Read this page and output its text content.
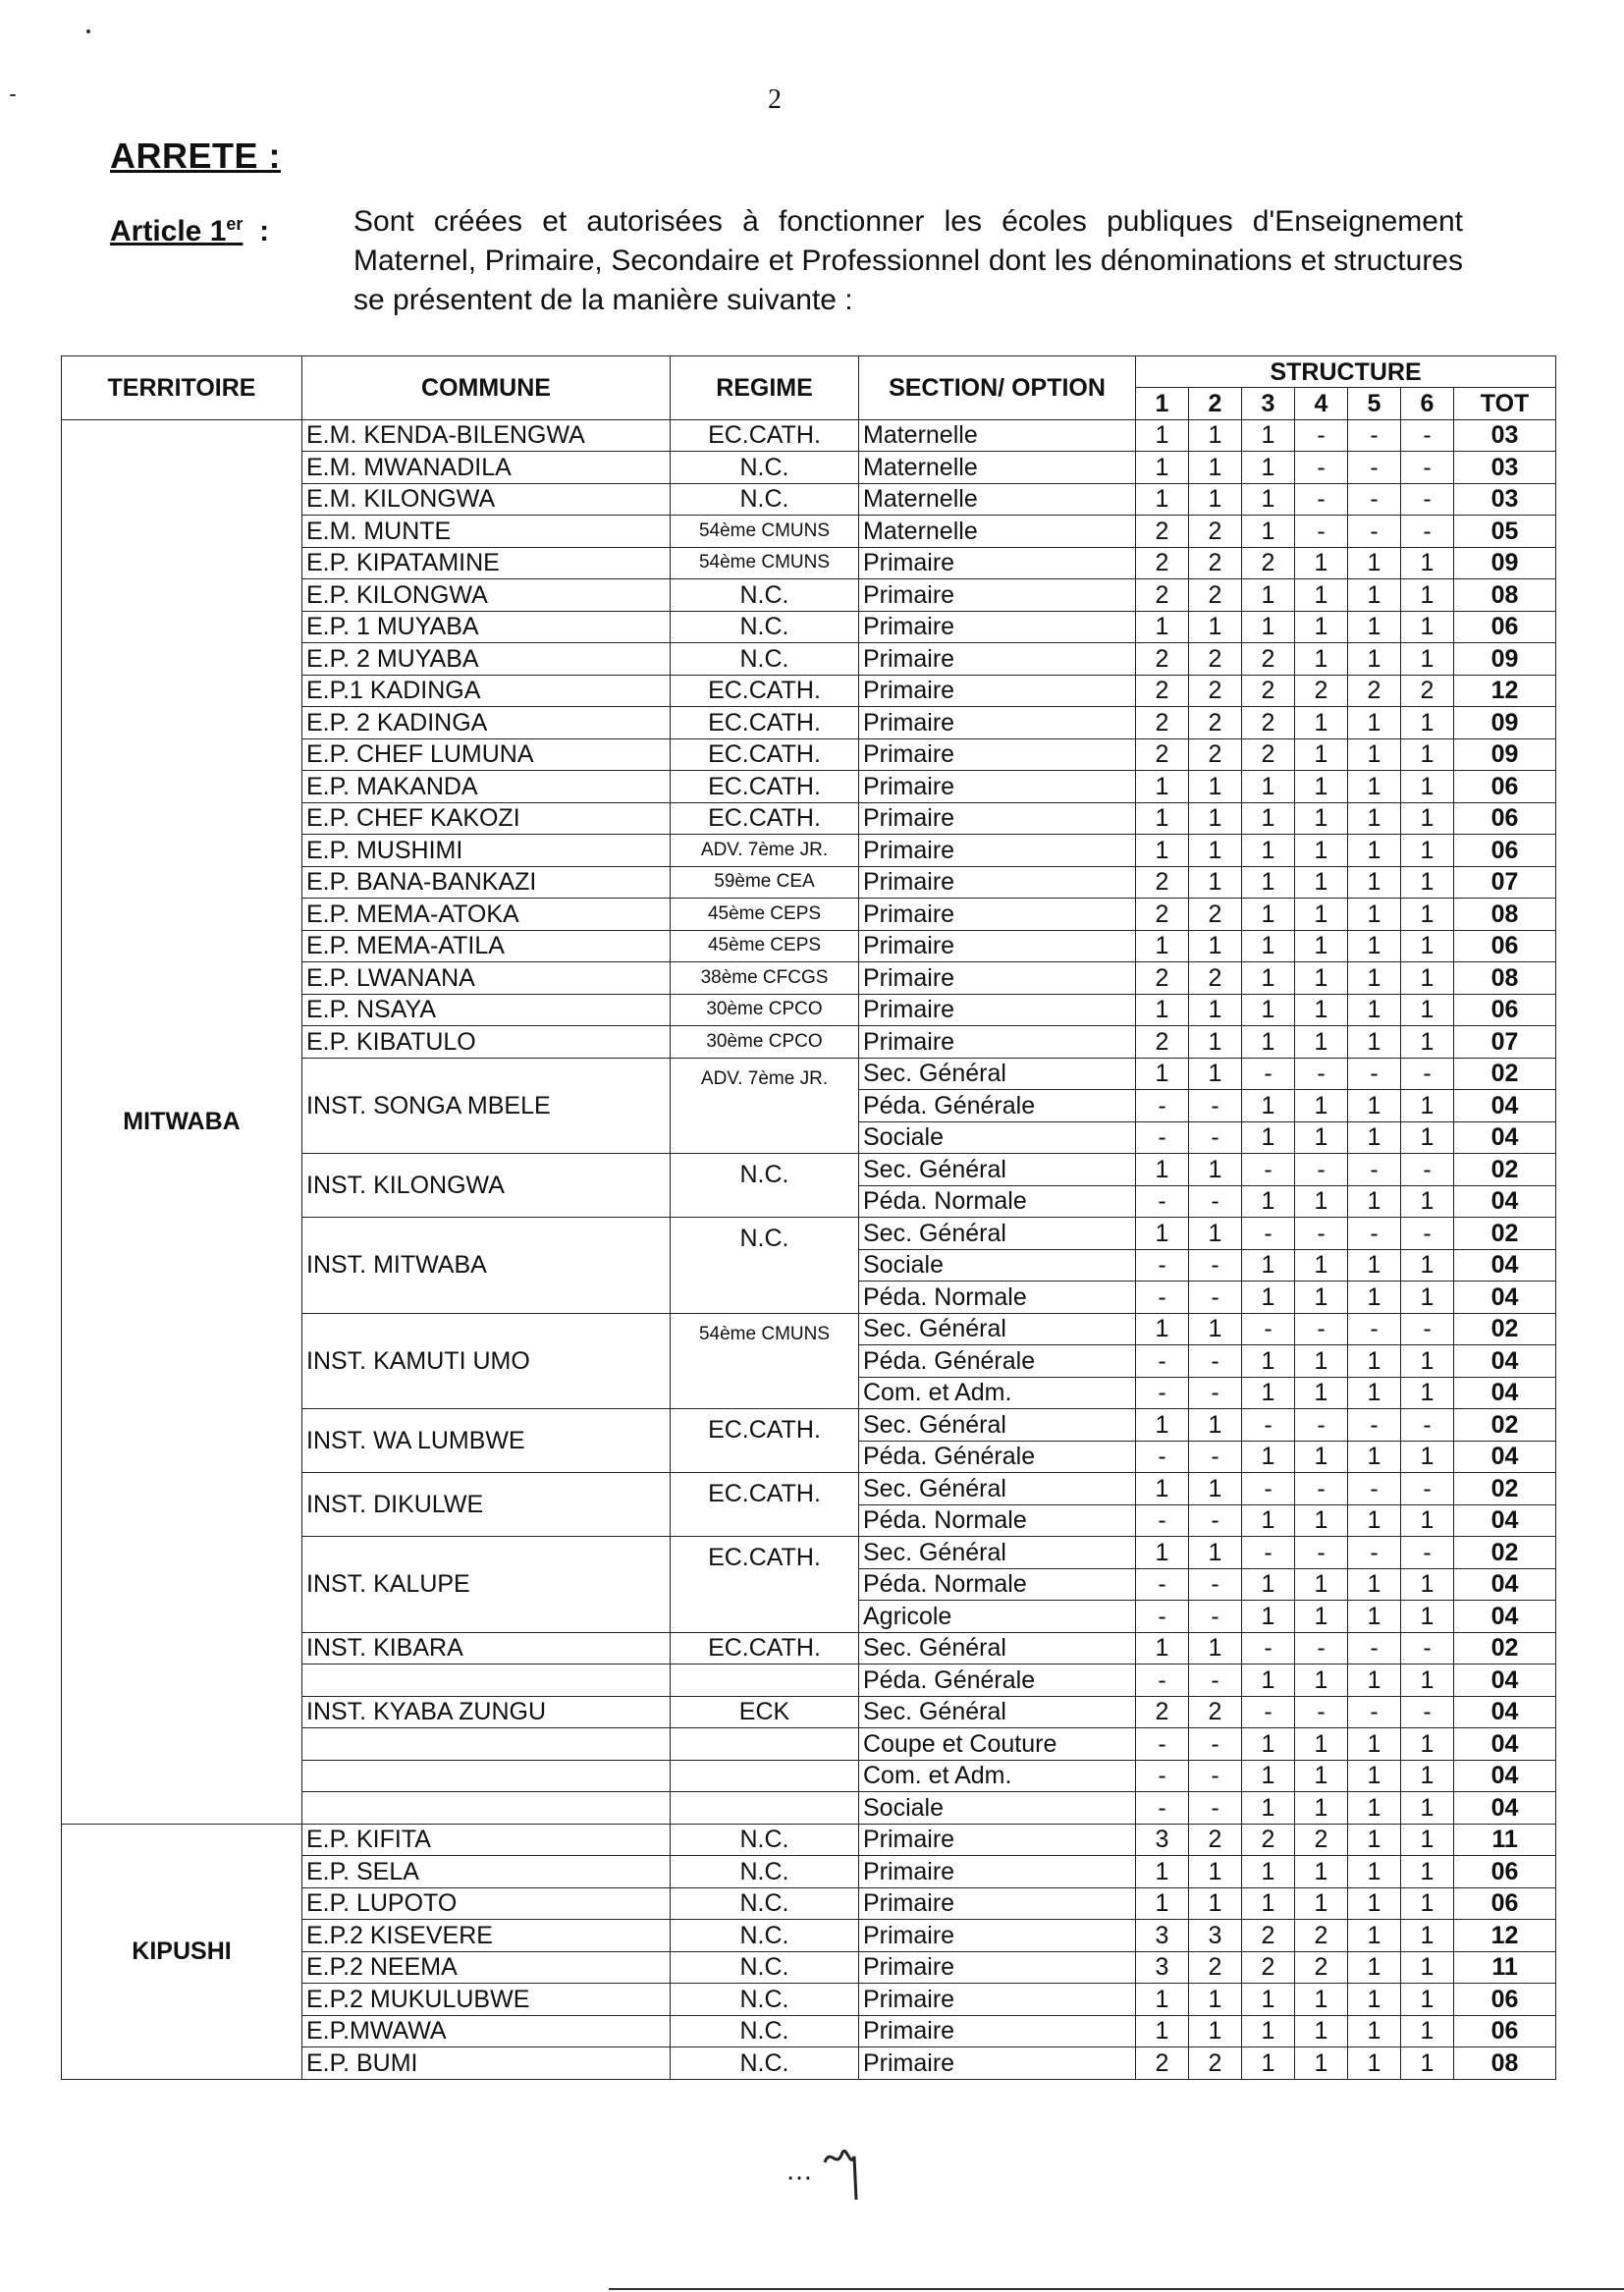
2
ARRETE :
Article 1er :	Sont créées et autorisées à fonctionner les écoles publiques d'Enseignement Maternel, Primaire, Secondaire et Professionnel dont les dénominations et structures se présentent de la manière suivante :
TERRITOIRE	COMMUNE	REGIME	SECTION/ OPTION	STRUCTURE						
				1	2	3	4	5	6	TOT
MITWABA	E.M. KENDA-BILENGWA	EC.CATH.	Maternelle	1	1	1	-	-	-	03
	E.M. MWANADILA	N.C.	Maternelle	1	1	1	-	-	-	03
	E.M. KILONGWA	N.C.	Maternelle	1	1	1	-	-	-	03
	E.M. MUNTE	54ème CMUNS	Maternelle	2	2	1	-	-	-	05
	E.P. KIPATAMINE	54ème CMUNS	Primaire	2	2	2	1	1	1	09
	E.P. KILONGWA	N.C.	Primaire	2	2	1	1	1	1	08
	E.P. 1 MUYABA	N.C.	Primaire	1	1	1	1	1	1	06
	E.P. 2 MUYABA	N.C.	Primaire	2	2	2	1	1	1	09
	E.P.1 KADINGA	EC.CATH.	Primaire	2	2	2	2	2	2	12
	E.P. 2 KADINGA	EC.CATH.	Primaire	2	2	2	1	1	1	09
	E.P. CHEF LUMUNA	EC.CATH.	Primaire	2	2	2	1	1	1	09
	E.P. MAKANDA	EC.CATH.	Primaire	1	1	1	1	1	1	06
	E.P. CHEF KAKOZI	EC.CATH.	Primaire	1	1	1	1	1	1	06
	E.P. MUSHIMI	ADV. 7ème JR.	Primaire	1	1	1	1	1	1	06
	E.P. BANA-BANKAZI	59ème CEA	Primaire	2	1	1	1	1	1	07
	E.P. MEMA-ATOKA	45ème CEPS	Primaire	2	2	1	1	1	1	08
	E.P. MEMA-ATILA	45ème CEPS	Primaire	1	1	1	1	1	1	06
	E.P. LWANANA	38ème CFCGS	Primaire	2	2	1	1	1	1	08
	E.P. NSAYA	30ème CPCO	Primaire	1	1	1	1	1	1	06
	E.P. KIBATULO	30ème CPCO	Primaire	2	1	1	1	1	1	07
	INST. SONGA MBELE	ADV. 7ème JR.	Sec. Général	1	1	-	-	-	-	02
			Péda. Générale	-	-	1	1	1	1	04
			Sociale	-	-	1	1	1	1	04
	INST. KILONGWA	N.C.	Sec. Général	1	1	-	-	-	-	02
			Péda. Normale	-	-	1	1	1	1	04
	INST. MITWABA	N.C.	Sec. Général	1	1	-	-	-	-	02
			Sociale	-	-	1	1	1	1	04
			Péda. Normale	-	-	1	1	1	1	04
	INST. KAMUTI UMO	54ème CMUNS	Sec. Général	1	1	-	-	-	-	02
			Péda. Générale	-	-	1	1	1	1	04
			Com. et Adm.	-	-	1	1	1	1	04
	INST. WA LUMBWE	EC.CATH.	Sec. Général	1	1	-	-	-	-	02
			Péda. Générale	-	-	1	1	1	1	04
	INST. DIKULWE	EC.CATH.	Sec. Général	1	1	-	-	-	-	02
			Péda. Normale	-	-	1	1	1	1	04
	INST. KALUPE	EC.CATH.	Sec. Général	1	1	-	-	-	-	02
			Péda. Normale	-	-	1	1	1	1	04
			Agricole	-	-	1	1	1	1	04
	INST. KIBARA	EC.CATH.	Sec. Général	1	1	-	-	-	-	02
			Péda. Générale	-	-	1	1	1	1	04
	INST. KYABA ZUNGU	ECK	Sec. Général	2	2	-	-	-	-	04
			Coupe et Couture	-	-	1	1	1	1	04
			Com. et Adm.	-	-	1	1	1	1	04
			Sociale	-	-	1	1	1	1	04
KIPUSHI	E.P. KIFITA	N.C.	Primaire	3	2	2	2	1	1	11
	E.P. SELA	N.C.	Primaire	1	1	1	1	1	1	06
	E.P. LUPOTO	N.C.	Primaire	1	1	1	1	1	1	06
	E.P.2 KISEVERE	N.C.	Primaire	3	3	2	2	1	1	12
	E.P.2 NEEMA	N.C.	Primaire	3	2	2	2	1	1	11
	E.P.2 MUKULUBWE	N.C.	Primaire	1	1	1	1	1	1	06
	E.P.MWAWA	N.C.	Primaire	1	1	1	1	1	1	06
	E.P. BUMI	N.C.	Primaire	2	2	1	1	1	1	08
…
